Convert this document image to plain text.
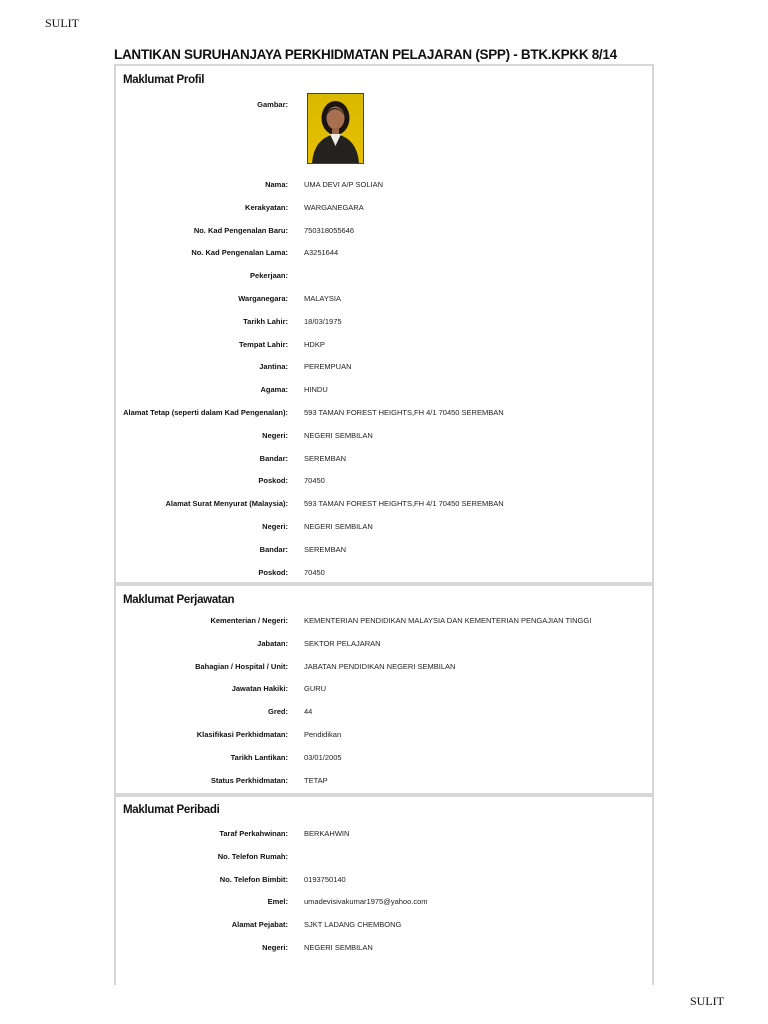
SULIT
LANTIKAN SURUHANJAYA PERKHIDMATAN PELAJARAN (SPP) - BTK.KPKK 8/14
Maklumat Profil
Gambar:
Nama: UMA DEVI A/P SOLIAN
Kerakyatan: WARGANEGARA
No. Kad Pengenalan Baru: 750318055646
No. Kad Pengenalan Lama: A3251644
Pekerjaan:
Warganegara: MALAYSIA
Tarikh Lahir: 18/03/1975
Tempat Lahir: HDKP
Jantina: PEREMPUAN
Agama: HINDU
Alamat Tetap (seperti dalam Kad Pengenalan): 593 TAMAN FOREST HEIGHTS,FH 4/1 70450 SEREMBAN
Negeri: NEGERI SEMBILAN
Bandar: SEREMBAN
Poskod: 70450
Alamat Surat Menyurat (Malaysia): 593 TAMAN FOREST HEIGHTS,FH 4/1 70450 SEREMBAN
Negeri: NEGERI SEMBILAN
Bandar: SEREMBAN
Poskod: 70450
Maklumat Perjawatan
Kementerian / Negeri: KEMENTERIAN PENDIDIKAN MALAYSIA DAN KEMENTERIAN PENGAJIAN TINGGI
Jabatan: SEKTOR PELAJARAN
Bahagian / Hospital / Unit: JABATAN PENDIDIKAN NEGERI SEMBILAN
Jawatan Hakiki: GURU
Gred: 44
Klasifikasi Perkhidmatan: Pendidikan
Tarikh Lantikan: 03/01/2005
Status Perkhidmatan: TETAP
Maklumat Peribadi
Taraf Perkahwinan: BERKAHWIN
No. Telefon Rumah:
No. Telefon Bimbit: 0193750140
Emel: umadevisivakumar1975@yahoo.com
Alamat Pejabat: SJKT LADANG CHEMBONG
Negeri: NEGERI SEMBILAN
SULIT
